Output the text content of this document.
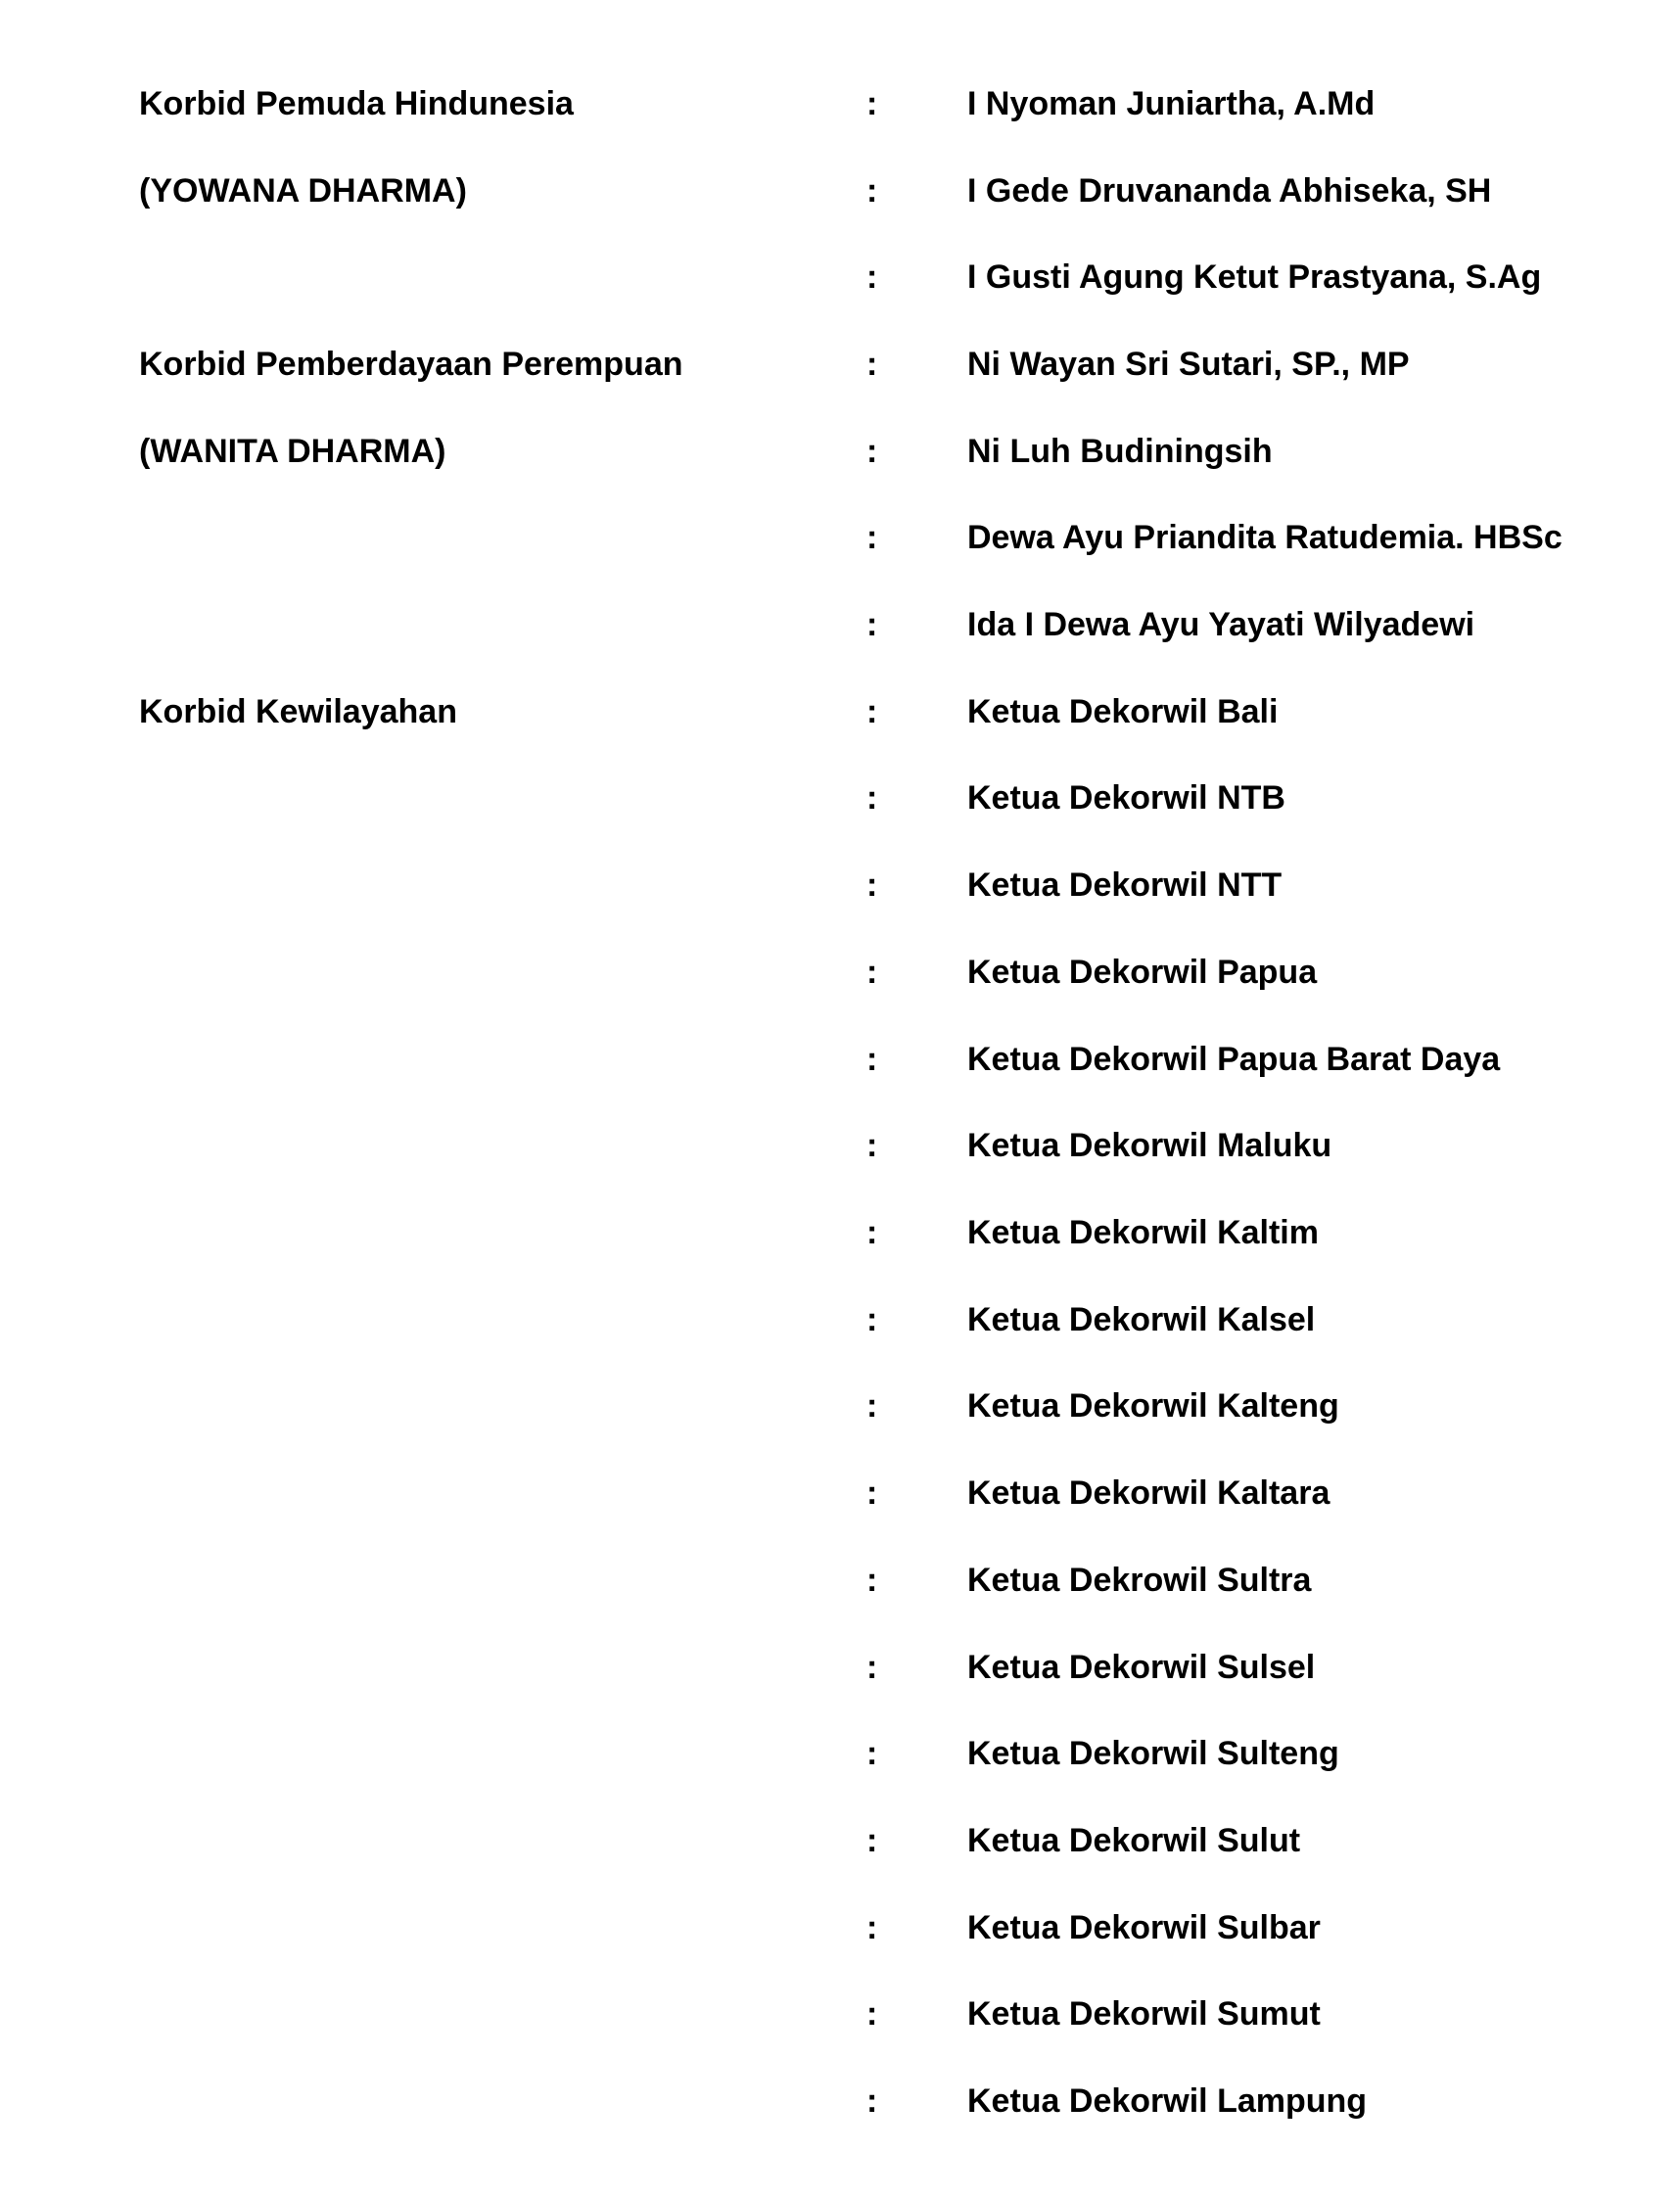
Korbid Pemuda Hindunesia	:	I Nyoman Juniartha, A.Md
(YOWANA DHARMA)	:	I Gede Druvananda Abhiseka, SH
:	I Gusti Agung Ketut Prastyana, S.Ag
Korbid Pemberdayaan Perempuan	:	Ni Wayan Sri Sutari, SP., MP
(WANITA DHARMA)	:	Ni Luh Budiningsih
:	Dewa Ayu Priandita Ratudemia. HBSc
:	Ida I Dewa Ayu Yayati Wilyadewi
Korbid Kewilayahan	:	Ketua Dekorwil Bali
:	Ketua Dekorwil NTB
:	Ketua Dekorwil NTT
:	Ketua Dekorwil Papua
:	Ketua Dekorwil Papua Barat Daya
:	Ketua Dekorwil Maluku
:	Ketua Dekorwil Kaltim
:	Ketua Dekorwil Kalsel
:	Ketua Dekorwil Kalteng
:	Ketua Dekorwil Kaltara
:	Ketua Dekrowil Sultra
:	Ketua Dekorwil Sulsel
:	Ketua Dekorwil Sulteng
:	Ketua Dekorwil Sulut
:	Ketua Dekorwil Sulbar
:	Ketua Dekorwil Sumut
:	Ketua Dekorwil Lampung
